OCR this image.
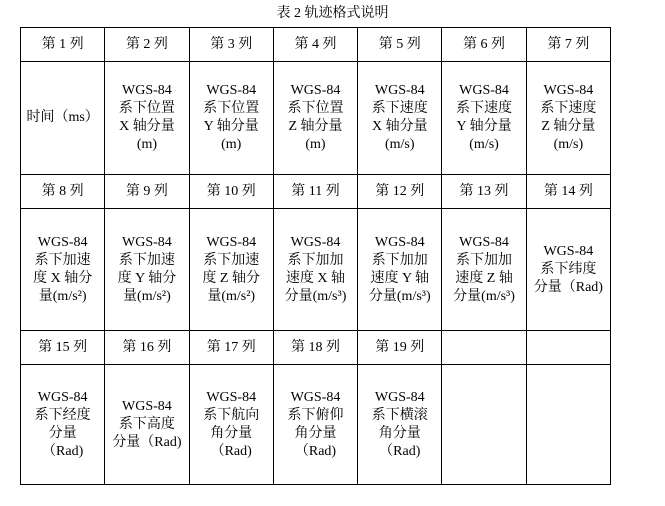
表 2 轨迹格式说明
第 1 列	第 2 列	第 3 列	第 4 列	第 5 列	第 6 列	第 7 列

时间（ms）	WGS-84
系下位置
X 轴分量
(m)	WGS-84
系下位置
Y 轴分量
(m)	WGS-84
系下位置
Z 轴分量
(m)	WGS-84
系下速度
X 轴分量
(m/s)	WGS-84
系下速度
Y 轴分量
(m/s)	WGS-84
系下速度
Z 轴分量
(m/s)

第 8 列	第 9 列	第 10 列	第 11 列	第 12 列	第 13 列	第 14 列

WGS-84
系下加速
度 X 轴分
量(m/s²)	WGS-84
系下加速
度 Y 轴分
量(m/s²)	WGS-84
系下加速
度 Z 轴分
量(m/s²)	WGS-84
系下加加
速度 X 轴
分量(m/s³)	WGS-84
系下加加
速度 Y 轴
分量(m/s³)	WGS-84
系下加加
速度 Z 轴
分量(m/s³)	WGS-84
系下纬度
分量（Rad)

第 15 列	第 16 列	第 17 列	第 18 列	第 19 列		

WGS-84
系下经度
分量
（Rad)	WGS-84
系下高度
分量（Rad)	WGS-84
系下航向
角分量
（Rad)	WGS-84
系下俯仰
角分量
（Rad)	WGS-84
系下横滚
角分量
（Rad)		
